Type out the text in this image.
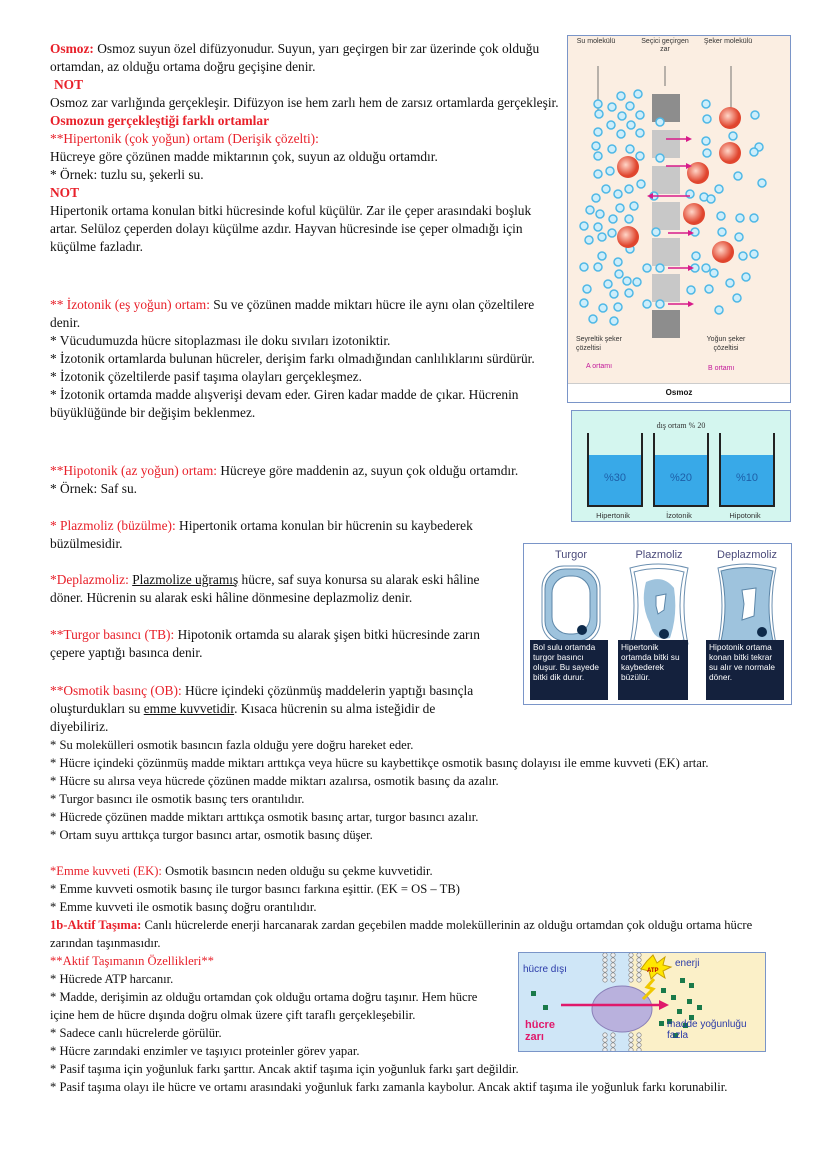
Osmoz: Osmoz suyun özel difüzyonudur. Suyun, yarı geçirgen bir zar üzerinde çok olduğu ortamdan, az olduğu ortama doğru geçişine denir.

NOT

Osmoz zar varlığında gerçekleşir. Difüzyon ise hem zarlı hem de zarsız ortamlarda gerçekleşir.

Osmozun gerçekleştiği farklı ortamlar

**Hipertonik (çok yoğun) ortam (Derişik çözelti):

Hücreye göre çözünen madde miktarının çok, suyun az olduğu ortamdır.

* Örnek: tuzlu su, şekerli su.

NOT

Hipertonik ortama konulan bitki hücresinde koful küçülür. Zar ile çeper arasındaki boşluk artar. Selüloz çeperden dolayı küçülme azdır. Hayvan hücresinde ise çeper olmadığı için küçülme fazladır.

** İzotonik (eş yoğun) ortam: Su ve çözünen madde miktarı hücre ile aynı olan çözeltilere denir.

* Vücudumuzda hücre sitoplazması ile doku sıvıları izotoniktir.

* İzotonik ortamlarda bulunan hücreler, derişim farkı olmadığından canlılıklarını sürdürür.

* İzotonik çözeltilerde pasif taşıma olayları gerçekleşmez.

* İzotonik ortamda madde alışverişi devam eder. Giren kadar madde de çıkar. Hücrenin büyüklüğünde bir değişim beklenmez.

**Hipotonik (az yoğun) ortam: Hücreye göre maddenin az, suyun çok olduğu ortamdır.

* Örnek: Saf su.

* Plazmoliz (büzülme): Hipertonik ortama konulan bir hücrenin su kaybederek büzülmesidir.

*Deplazmoliz: Plazmolize uğramış hücre, saf suya konursa su alarak eski hâline döner. Hücrenin su alarak eski hâline dönmesine deplazmoliz denir.

**Turgor basıncı (TB): Hipotonik ortamda su alarak şişen bitki hücresinde zarın çepere yaptığı basınca denir.

**Osmotik basınç (OB): Hücre içindeki çözünmüş maddelerin yaptığı basınçla oluşturdukları su emme kuvvetidir. Kısaca hücrenin su alma isteğidir de diyebiliriz.

* Su molekülleri osmotik basıncın fazla olduğu yere doğru hareket eder.

* Hücre içindeki çözünmüş madde miktarı arttıkça veya hücre su kaybettikçe osmotik basınç dolayısı ile emme kuvveti (EK) artar.

* Hücre su alırsa veya hücrede çözünen madde miktarı azalırsa, osmotik basınç da azalır.

* Turgor basıncı ile osmotik basınç ters orantılıdır.

* Hücrede çözünen madde miktarı arttıkça osmotik basınç artar, turgor basıncı azalır.

* Ortam suyu arttıkça turgor basıncı artar, osmotik basınç düşer.

*Emme kuvveti (EK): Osmotik basıncın neden olduğu su çekme kuvvetidir.

* Emme kuvveti osmotik basınç ile turgor basıncı farkına eşittir. (EK = OS – TB)

* Emme kuvveti ile osmotik basınç doğru orantılıdır.

1b-Aktif Taşıma: Canlı hücrelerde enerji harcanarak zardan geçebilen madde moleküllerinin az olduğu ortamdan çok olduğu ortama hücre zarından taşınmasıdır.

**Aktif Taşımanın Özellikleri**

* Hücrede ATP harcanır.

* Madde, derişimin az olduğu ortamdan çok olduğu ortama doğru taşınır. Hem hücre içine hem de hücre dışında doğru olmak üzere çift taraflı gerçekleşebilir.

* Sadece canlı hücrelerde görülür.

* Hücre zarındaki enzimler ve taşıyıcı proteinler görev yapar.

* Pasif taşıma için yoğunluk farkı şarttır. Ancak aktif taşıma için yoğunluk farkı şart değildir.

* Pasif taşıma olayı ile hücre ve ortamı arasındaki yoğunluk farkı zamanla kaybolur. Ancak aktif taşıma ile yoğunluk farkı korunabilir.

Su molekülü	Seçici geçirgen zar
Şeker molekülü
Seyreltik şeker çözeltisi
Yoğun şeker çözeltisi
A ortamı	B ortamı
Osmoz
dış ortam % 20
%30
Hipertonik
%20
İzotonik
%10
Hipotonik
Turgor
Bol sulu ortamda turgor basıncı oluşur. Bu sayede bitki dik durur.
Plazmoliz
Hipertonik ortamda bitki su kaybederek büzülür.
Deplazmoliz
Hipotonik ortama konan bitki tekrar su alır ve normale döner.
hücre dışı	ATP
enerji
hücre zarı
madde yoğunluğu fazla
